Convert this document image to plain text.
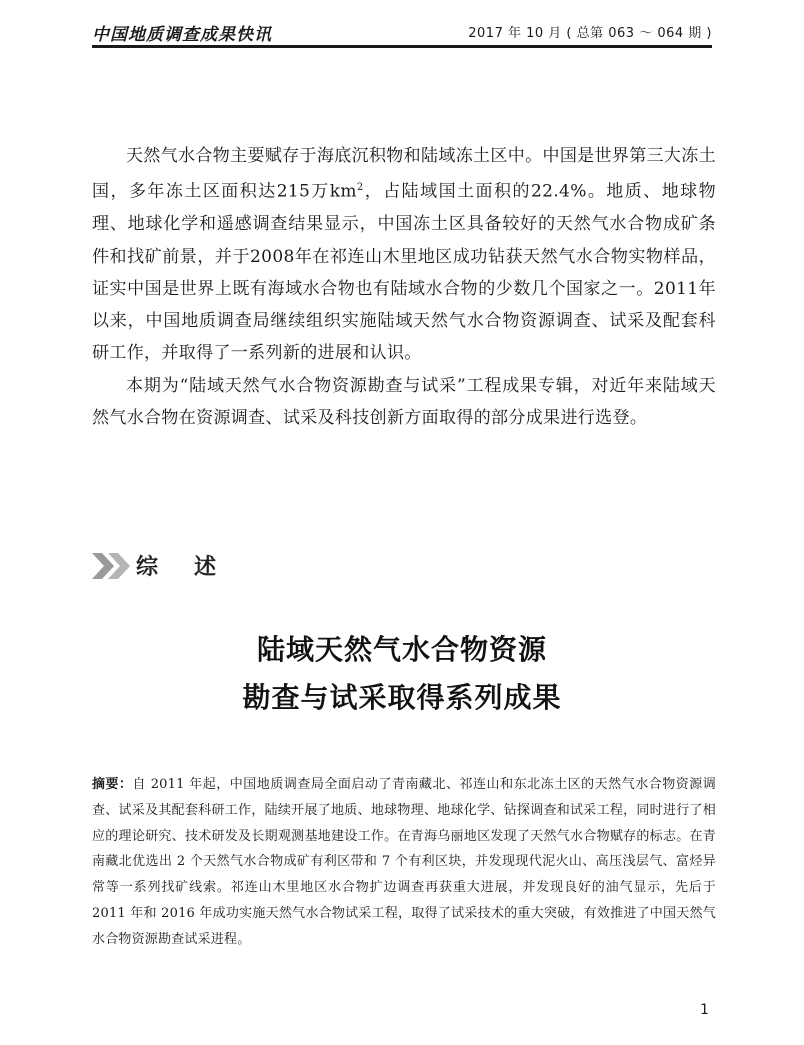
中国地质调查成果快讯	2017 年 10 月 ( 总第 063 ～ 064 期 )

天然气水合物主要赋存于海底沉积物和陆域冻土区中。中国是世界第三大冻土国，多年冻土区面积达215万$km^2$，占陆域国土面积的22.4%。地质、地球物理、地球化学和遥感调查结果显示，中国冻土区具备较好的天然气水合物成矿条件和找矿前景，并于2008年在祁连山木里地区成功钻获天然气水合物实物样品，证实中国是世界上既有海域水合物也有陆域水合物的少数几个国家之一。2011年以来，中国地质调查局继续组织实施陆域天然气水合物资源调查、试采及配套科研工作，并取得了一系列新的进展和认识。

本期为“陆域天然气水合物资源勘查与试采”工程成果专辑，对近年来陆域天然气水合物在资源调查、试采及科技创新方面取得的部分成果进行选登。

综述
陆域天然气水合物资源
勘查与试采取得系列成果
摘要：自 2011 年起，中国地质调查局全面启动了青南藏北、祁连山和东北冻土区的天然气水合物资源调查、试采及其配套科研工作，陆续开展了地质、地球物理、地球化学、钻探调查和试采工程，同时进行了相应的理论研究、技术研发及长期观测基地建设工作。在青海乌丽地区发现了天然气水合物赋存的标志。在青南藏北优选出 2 个天然气水合物成矿有利区带和 7 个有利区块，并发现现代泥火山、高压浅层气、富烃异常等一系列找矿线索。祁连山木里地区水合物扩边调查再获重大进展，并发现良好的油气显示，先后于 2011 年和 2016 年成功实施天然气水合物试采工程，取得了试采技术的重大突破，有效推进了中国天然气水合物资源勘查试采进程。
1
